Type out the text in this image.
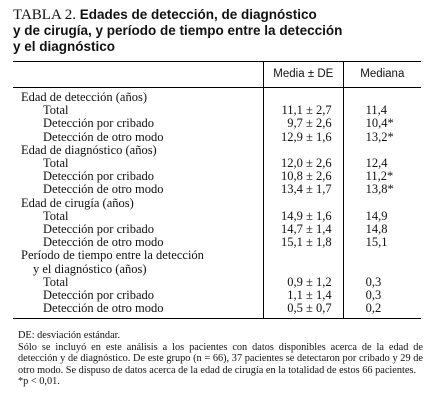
TABLA 2. Edades de detección, de diagnóstico
y de cirugía, y período de tiempo entre la detección
y el diagnóstico
	Media ± DE	Mediana
Edad de detección (años)		
Total	11,1 ± 2,7	11,4
Detección por cribado	9,7 ± 2,6	10,4*
Detección de otro modo	12,9 ± 1,6	13,2*
Edad de diagnóstico (años)		
Total	12,0 ± 2,6	12,4
Detección por cribado	10,8 ± 2,6	11,2*
Detección de otro modo	13,4 ± 1,7	13,8*
Edad de cirugía (años)		
Total	14,9 ± 1,6	14,9
Detección por cribado	14,7 ± 1,4	14,8
Detección de otro modo	15,1 ± 1,8	15,1
Período de tiempo entre la detección		
y el diagnóstico (años)		
Total	0,9 ± 1,2	0,3
Detección por cribado	1,1 ± 1,4	0,3
Detección de otro modo	0,5 ± 0,7	0,2

DE: desviación estándar.

Sólo se incluyó en este análisis a los pacientes con datos disponibles acerca de la edad de detección y de diagnóstico. De este grupo (n = 66), 37 pacientes se detectaron por cribado y 29 de otro modo. Se dispuso de datos acerca de la edad de cirugía en la totalidad de estos 66 pacientes.

*p < 0,01.
